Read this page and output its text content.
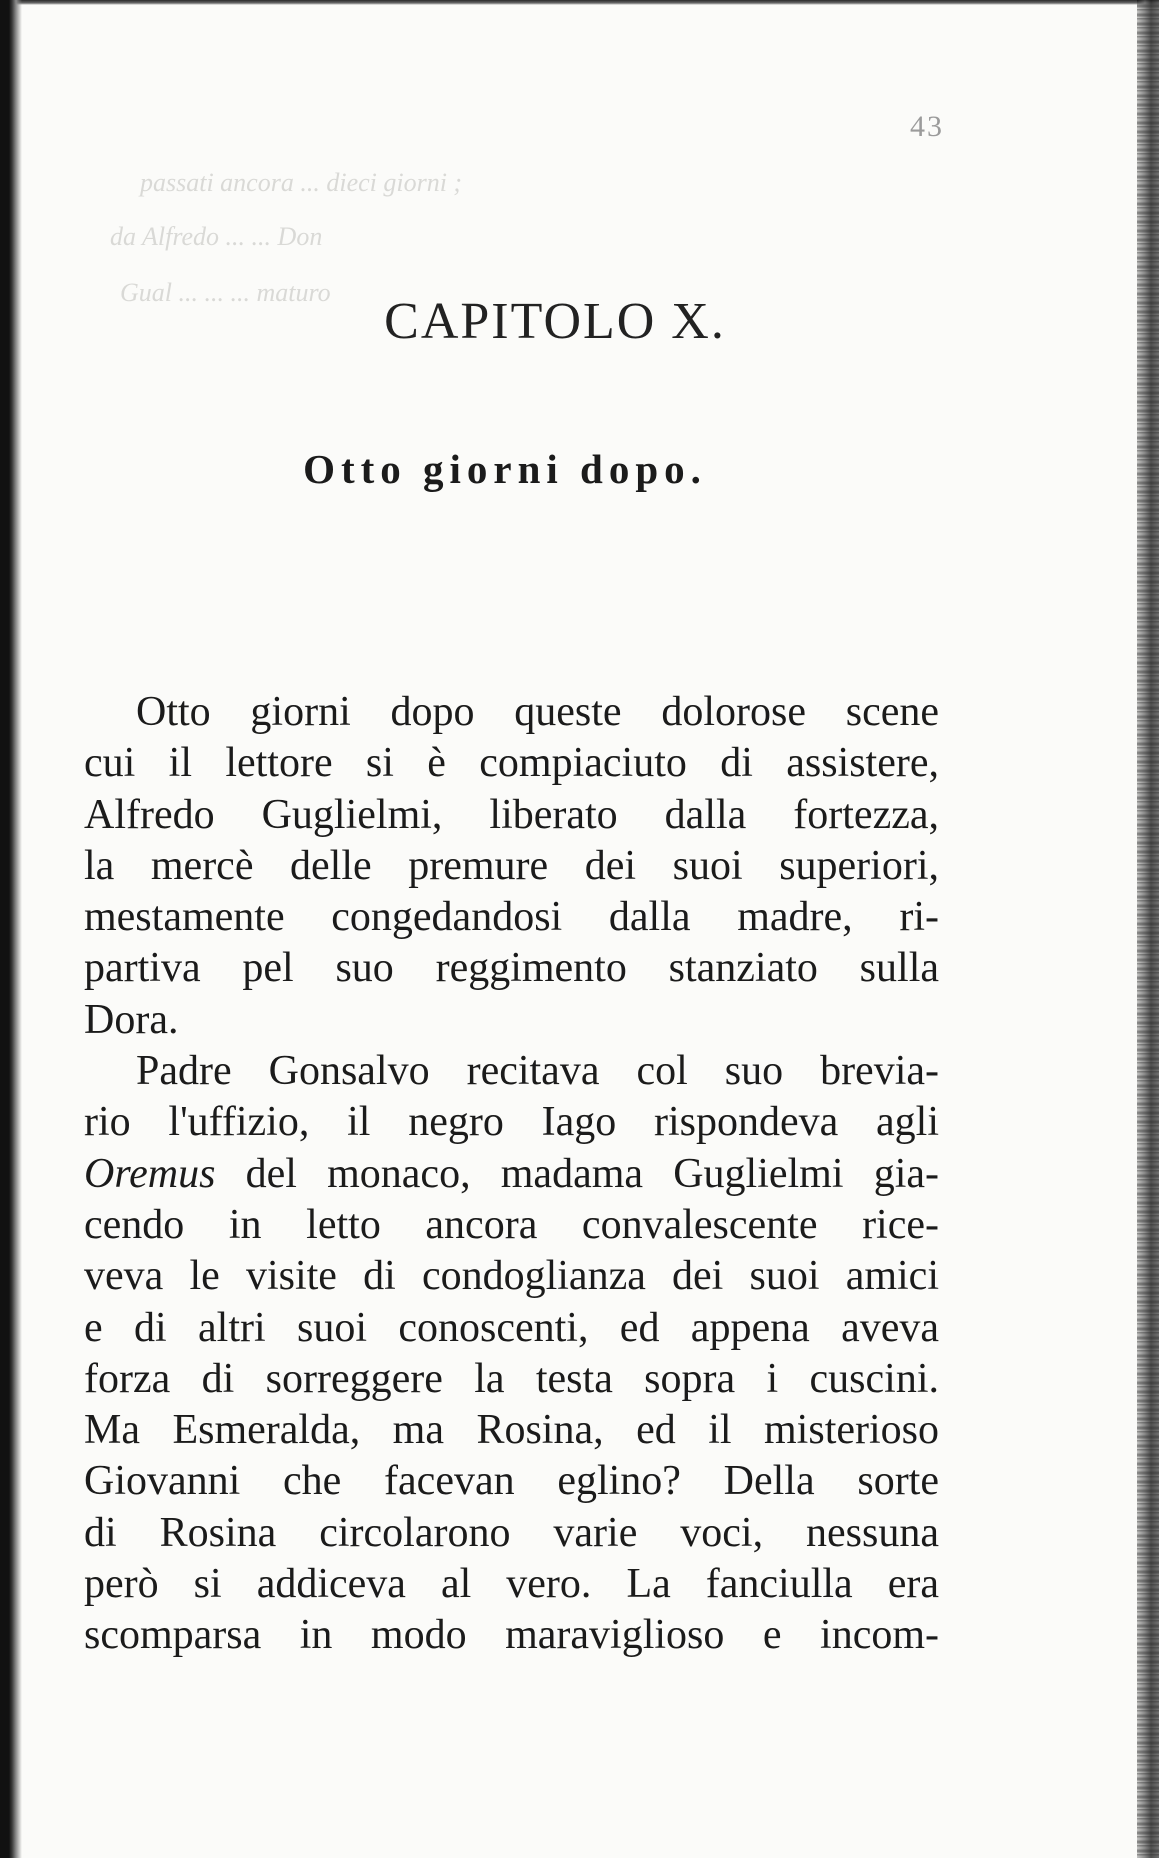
43
passati ancora ... dieci giorni ;
da Alfredo ... ... Don
Gual ... ... ... maturo
CAPITOLO X.
Otto giorni dopo.
Otto giorni dopo queste dolorose scene
cui il lettore si è compiaciuto di assistere,
Alfredo Guglielmi, liberato dalla fortezza,
la mercè delle premure dei suoi superiori,
mestamente congedandosi dalla madre, ri-
partiva pel suo reggimento stanziato sulla
Dora.
Padre Gonsalvo recitava col suo brevia-
rio l'uffizio, il negro Iago rispondeva agli
Oremus del monaco, madama Guglielmi gia-
cendo in letto ancora convalescente rice-
veva le visite di condoglianza dei suoi amici
e di altri suoi conoscenti, ed appena aveva
forza di sorreggere la testa sopra i cuscini.
Ma Esmeralda, ma Rosina, ed il misterioso
Giovanni che facevan eglino? Della sorte
di Rosina circolarono varie voci, nessuna
però si addiceva al vero. La fanciulla era
scomparsa in modo maraviglioso e incom-
